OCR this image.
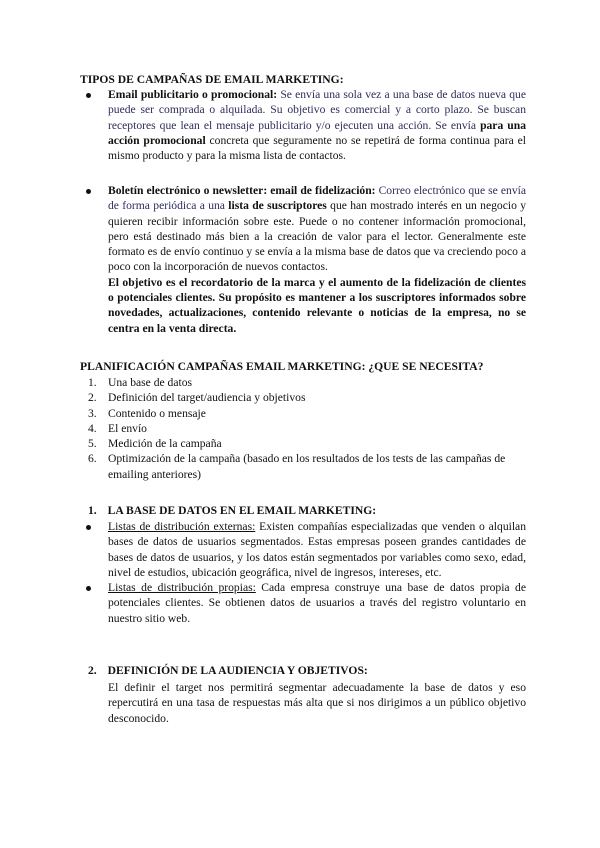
TIPOS DE CAMPAÑAS DE EMAIL MARKETING:
Email publicitario o promocional: Se envía una sola vez a una base de datos nueva que puede ser comprada o alquilada. Su objetivo es comercial y a corto plazo. Se buscan receptores que lean el mensaje publicitario y/o ejecuten una acción. Se envía para una acción promocional concreta que seguramente no se repetirá de forma continua para el mismo producto y para la misma lista de contactos.
Boletín electrónico o newsletter: email de fidelización: Correo electrónico que se envía de forma periódica a una lista de suscriptores que han mostrado interés en un negocio y quieren recibir información sobre este. Puede o no contener información promocional, pero está destinado más bien a la creación de valor para el lector. Generalmente este formato es de envío continuo y se envía a la misma base de datos que va creciendo poco a poco con la incorporación de nuevos contactos.
El objetivo es el recordatorio de la marca y el aumento de la fidelización de clientes o potenciales clientes. Su propósito es mantener a los suscriptores informados sobre novedades, actualizaciones, contenido relevante o noticias de la empresa, no se centra en la venta directa.
PLANIFICACIÓN CAMPAÑAS EMAIL MARKETING: ¿QUE SE NECESITA?
1. Una base de datos
2. Definición del target/audiencia y objetivos
3. Contenido o mensaje
4. El envío
5. Medición de la campaña
6. Optimización de la campaña (basado en los resultados de los tests de las campañas de emailing anteriores)
1. LA BASE DE DATOS EN EL EMAIL MARKETING:
Listas de distribución externas: Existen compañías especializadas que venden o alquilan bases de datos de usuarios segmentados. Estas empresas poseen grandes cantidades de bases de datos de usuarios, y los datos están segmentados por variables como sexo, edad, nivel de estudios, ubicación geográfica, nivel de ingresos, intereses, etc.
Listas de distribución propias: Cada empresa construye una base de datos propia de potenciales clientes. Se obtienen datos de usuarios a través del registro voluntario en nuestro sitio web.
2. DEFINICIÓN DE LA AUDIENCIA Y OBJETIVOS:
El definir el target nos permitirá segmentar adecuadamente la base de datos y eso repercutirá en una tasa de respuestas más alta que si nos dirigimos a un público objetivo desconocido.
